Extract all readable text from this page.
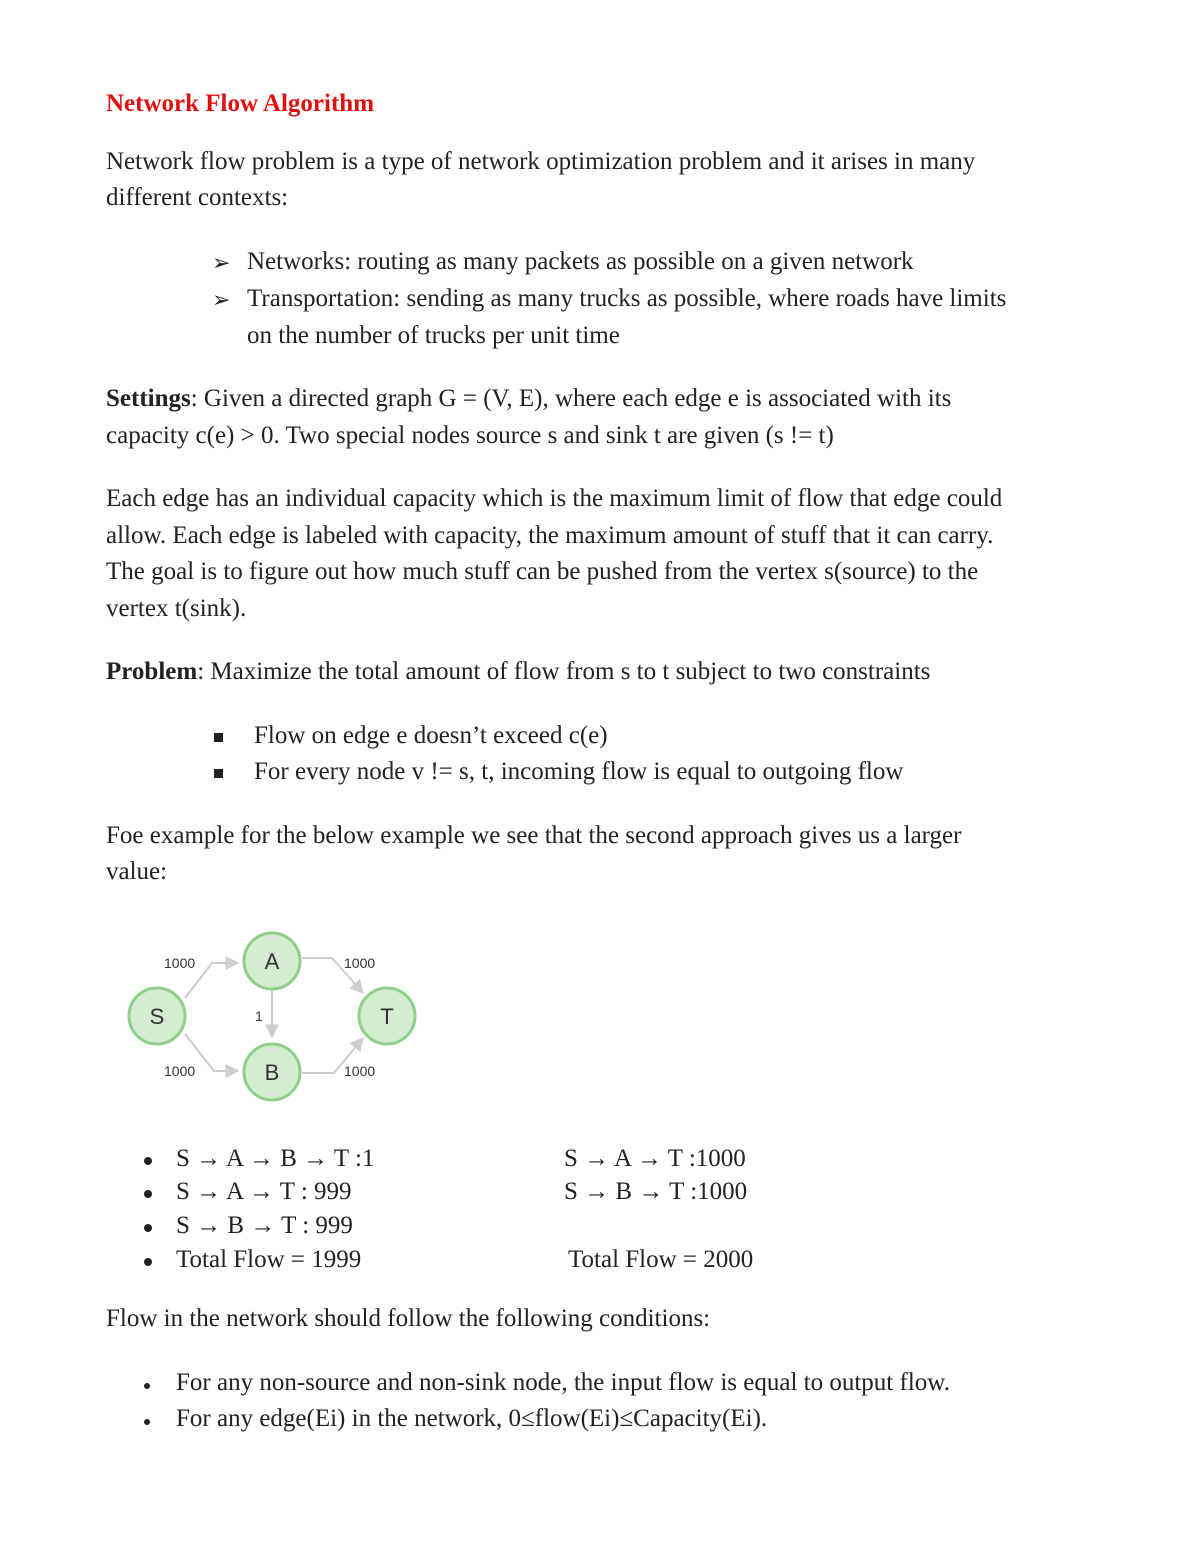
Network Flow Algorithm

Network flow problem is a type of network optimization problem and it arises in many

different contexts:

➢ Networks: routing as many packets as possible on a given network

➢ Transportation: sending as many trucks as possible, where roads have limits

on the number of trucks per unit time

Settings: Given a directed graph G = (V, E), where each edge e is associated with its

capacity c(e) > 0. Two special nodes source s and sink t are given (s != t)

Each edge has an individual capacity which is the maximum limit of flow that edge could

allow. Each edge is labeled with capacity, the maximum amount of stuff that it can carry.

The goal is to figure out how much stuff can be pushed from the vertex s(source) to the

vertex t(sink).

Problem: Maximize the total amount of flow from s to t subject to two constraints

Flow on edge e doesn’t exceed c(e)

For every node v != s, t, incoming flow is equal to outgoing flow

Foe example for the below example we see that the second approach gives us a larger

value:

1000	1000
1
1000	1000
S
A
B
T

S → A → B → T :1

S → A → T : 999

S → B → T : 999

Total Flow = 1999

S → A → T :1000

S → B → T :1000

Total Flow = 2000

Flow in the network should follow the following conditions:

For any non-source and non-sink node, the input flow is equal to output flow.

For any edge(Ei) in the network, 0≤flow(Ei)≤Capacity(Ei).
